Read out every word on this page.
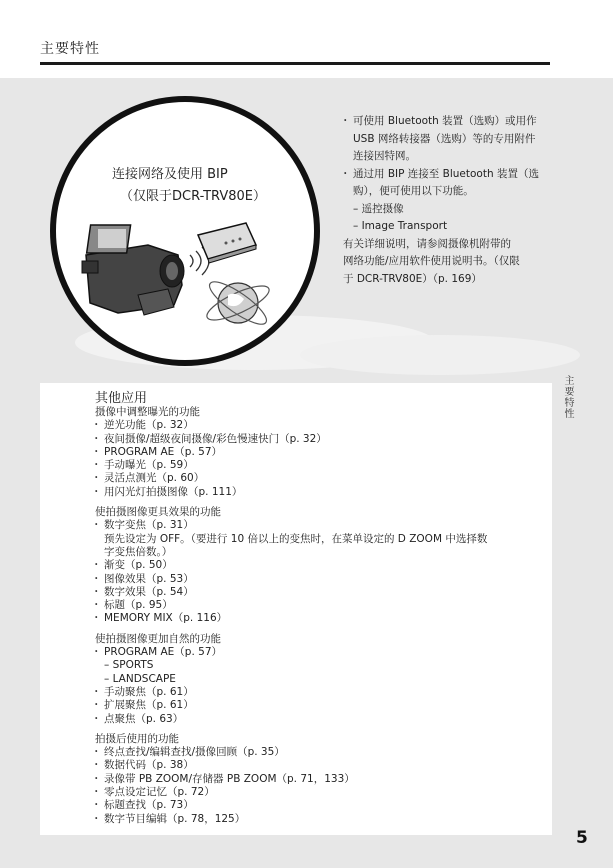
主要特性
连接网络及使用 BIP
（仅限于DCR-TRV80E）
・ 可使用 Bluetooth 装置（选购）或用作
USB 网络转接器（选购）等的专用附件
连接因特网。
・ 通过用 BIP 连接至 Bluetooth 装置（选
购），便可使用以下功能。
– 遥控摄像
– Image Transport
有关详细说明，请参阅摄像机附带的
网络功能/应用软件使用说明书。（仅限
于 DCR-TRV80E）（p. 169）
主要特性
其他应用
摄像中调整曝光的功能
・ 逆光功能（p. 32）
・ 夜间摄像/超级夜间摄像/彩色慢速快门（p. 32）
・ PROGRAM AE（p. 57）
・ 手动曝光（p. 59）
・ 灵活点测光（p. 60）
・ 用闪光灯拍摄图像（p. 111）
使拍摄图像更具效果的功能
・ 数字变焦（p. 31）
预先设定为 OFF。（要进行 10 倍以上的变焦时，在菜单设定的 D ZOOM 中选择数
字变焦倍数。）
・ 渐变（p. 50）
・ 图像效果（p. 53）
・ 数字效果（p. 54）
・ 标题（p. 95）
・ MEMORY MIX（p. 116）
使拍摄图像更加自然的功能
・ PROGRAM AE（p. 57）
– SPORTS
– LANDSCAPE
・ 手动聚焦（p. 61）
・ 扩展聚焦（p. 61）
・ 点聚焦（p. 63）
拍摄后使用的功能
・ 终点查找/编辑查找/摄像回顾（p. 35）
・ 数据代码（p. 38）
・ 录像带 PB ZOOM/存储器 PB ZOOM（p. 71，133）
・ 零点设定记忆（p. 72）
・ 标题查找（p. 73）
・ 数字节目编辑（p. 78，125）
5
